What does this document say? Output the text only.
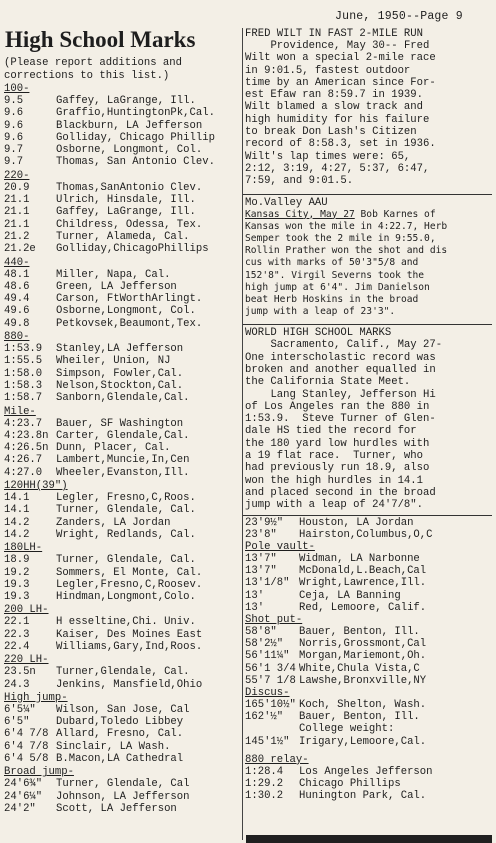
June, 1950--Page 9
High School Marks
(Please report additions and
corrections to this list.)
100-
9.5	Gaffey, LaGrange, Ill.
9.6	Graffio,HuntingtonPk,Cal.
9.6	Blackburn, LA Jefferson
9.6	Golliday, Chicago Phillip
9.7	Osborne, Longmont, Col.
9.7	Thomas, San Antonio Clev.
220-
20.9	Thomas,SanAntonio Clev.
21.1	Ulrich, Hinsdale, Ill.
21.1	Gaffey, LaGrange, Ill.
21.1	Childress, Odessa, Tex.
21.2	Turner, Alameda, Cal.
21.2e	Golliday,ChicagoPhillips
440-
48.1	Miller, Napa, Cal.
48.6	Green, LA Jefferson
49.4	Carson, FtWorthArlingt.
49.6	Osborne,Longmont, Col.
49.8	Petkovsek,Beaumont,Tex.
880-
1:53.9	Stanley,LA Jefferson
1:55.5	Wheiler, Union, NJ
1:58.0	Simpson, Fowler,Cal.
1:58.3	Nelson,Stockton,Cal.
1:58.7	Sanborn,Glendale,Cal.
Mile-
4:23.7	Bauer, SF Washington
4:23.8n Carter, Glendale,Cal.
4:26.5n Dunn, Placer, Cal.
4:26.7	Lambert,Muncie,In,Cen
4:27.0	Wheeler,Evanston,Ill.
120HH(39")
14.1	Legler, Fresno,C,Roos.
14.1	Turner, Glendale, Cal.
14.2	Zanders, LA Jordan
14.2	Wright, Redlands, Cal.
180LH-
18.9	Turner, Glendale, Cal.
19.2	Sommers, El Monte, Cal.
19.3	Legler,Fresno,C,Roosev.
19.3	Hindman,Longmont,Colo.
200 LH-
22.1	H esseltine,Chi. Univ.
22.3	Kaiser, Des Moines East
22.4	Williams,Gary,Ind,Roos.
220 LH-
23.5n	Turner,Glendale, Cal.
24.3	Jenkins, Mansfield,Ohio
High jump-
6'5¼"	Wilson, San Jose, Cal
6'5"	Dubard,Toledo Libbey
6'4 7/8 Allard, Fresno, Cal.
6'4 7/8 Sinclair, LA Wash.
6'4 5/8 B.Macon,LA Cathedral
Broad jump-
24'6¾"	Turner, Glendale, Cal
24'6¼"	Johnson, LA Jefferson
24'2"	Scott, LA Jefferson
FRED WILT IN FAST 2-MILE RUN
Providence, May 30-- Fred
Wilt won a special 2-mile race
in 9:01.5, fastest outdoor
time by an American since For-
est Efaw ran 8:59.7 in 1939.
Wilt blamed a slow track and
high humidity for his failure
to break Don Lash's Citizen
record of 8:58.3, set in 1936.
Wilt's lap times were: 65,
2:12, 3:19, 4:27, 5:37, 6:47,
7:59, and 9:01.5.
Mo.Valley AAU
Kansas City, May 27 Bob Karnes of
Kansas won the mile in 4:22.7, Herb
Semper took the 2 mile in 9:55.0,
Rollin Prather won the shot and dis
cus with marks of 50'3"5/8 and
152'8". Virgil Severns took the
high jump at 6'4". Jim Danielson
beat Herb Hoskins in the broad
jump with a leap of 23'3".
WORLD HIGH SCHOOL MARKS
Sacramento, Calif., May 27-
One interscholastic record was
broken and another equalled in
the California State Meet.
Lang Stanley, Jefferson Hi
of Los Angeles ran the 880 in
1:53.9.  Steve Turner of Glen-
dale HS tied the record for
the 180 yard low hurdles with
a 19 flat race.  Turner, who
had previously run 18.9, also
won the high hurdles in 14.1
and placed second in the broad
jump with a leap of 24'7/8".
23'9½"	Houston, LA Jordan
23'8"	Hairston,Columbus,O,C
Pole vault-
13'7"	Widman, LA Narbonne
13'7"	McDonald,L.Beach,Cal
13'1/8" Wright,Lawrence,Ill.
13'	Ceja, LA Banning
13'	Red, Lemoore, Calif.
Shot put-
58'8"	Bauer, Benton, Ill.
58'2½"	Norris,Grossmont,Cal
56'11¼" Morgan,Mariemont,Oh.
56'1 3/4 White,Chula Vista,C
55'7 1/8 Lawshe,Bronxville,NY
Discus-
165'10½" Koch, Shelton, Wash.
162'½"	Bauer, Benton, Ill.
College weight:
145'1½" Irigary,Lemoore,Cal.
880 relay-
1:28.4	Los Angeles Jefferson
1:29.2	Chicago Phillips
1:30.2	Hunington Park, Cal.
